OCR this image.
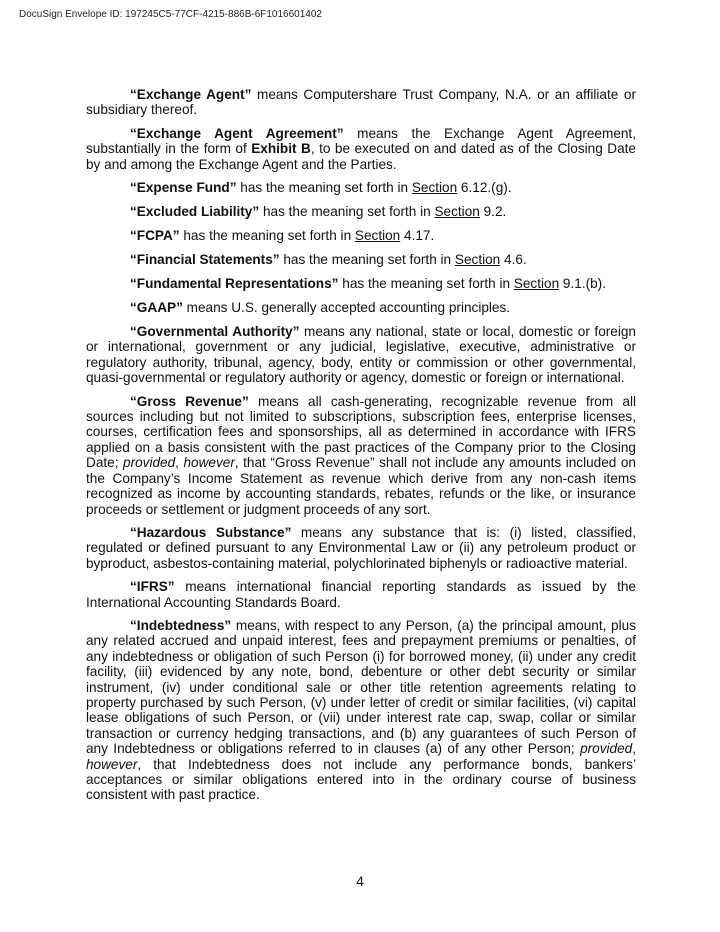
DocuSign Envelope ID: 197245C5-77CF-4215-886B-6F1016601402

“Exchange Agent” means Computershare Trust Company, N.A. or an affiliate or subsidiary thereof.

“Exchange Agent Agreement” means the Exchange Agent Agreement, substantially in the form of Exhibit B, to be executed on and dated as of the Closing Date by and among the Exchange Agent and the Parties.

“Expense Fund” has the meaning set forth in Section 6.12.(g).

“Excluded Liability” has the meaning set forth in Section 9.2.

“FCPA” has the meaning set forth in Section 4.17.

“Financial Statements” has the meaning set forth in Section 4.6.

“Fundamental Representations” has the meaning set forth in Section 9.1.(b).

“GAAP” means U.S. generally accepted accounting principles.

“Governmental Authority” means any national, state or local, domestic or foreign or international, government or any judicial, legislative, executive, administrative or regulatory authority, tribunal, agency, body, entity or commission or other governmental, quasi-governmental or regulatory authority or agency, domestic or foreign or international.

“Gross Revenue” means all cash-generating, recognizable revenue from all sources including but not limited to subscriptions, subscription fees, enterprise licenses, courses, certification fees and sponsorships, all as determined in accordance with IFRS applied on a basis consistent with the past practices of the Company prior to the Closing Date; provided, however, that “Gross Revenue” shall not include any amounts included on the Company’s Income Statement as revenue which derive from any non-cash items recognized as income by accounting standards, rebates, refunds or the like, or insurance proceeds or settlement or judgment proceeds of any sort.

“Hazardous Substance” means any substance that is: (i) listed, classified, regulated or defined pursuant to any Environmental Law or (ii) any petroleum product or byproduct, asbestos-containing material, polychlorinated biphenyls or radioactive material.

“IFRS” means international financial reporting standards as issued by the International Accounting Standards Board.

“Indebtedness” means, with respect to any Person, (a) the principal amount, plus any related accrued and unpaid interest, fees and prepayment premiums or penalties, of any indebtedness or obligation of such Person (i) for borrowed money, (ii) under any credit facility, (iii) evidenced by any note, bond, debenture or other debt security or similar instrument, (iv) under conditional sale or other title retention agreements relating to property purchased by such Person, (v) under letter of credit or similar facilities, (vi) capital lease obligations of such Person, or (vii) under interest rate cap, swap, collar or similar transaction or currency hedging transactions, and (b) any guarantees of such Person of any Indebtedness or obligations referred to in clauses (a) of any other Person; provided, however, that Indebtedness does not include any performance bonds, bankers’ acceptances or similar obligations entered into in the ordinary course of business consistent with past practice.

4
